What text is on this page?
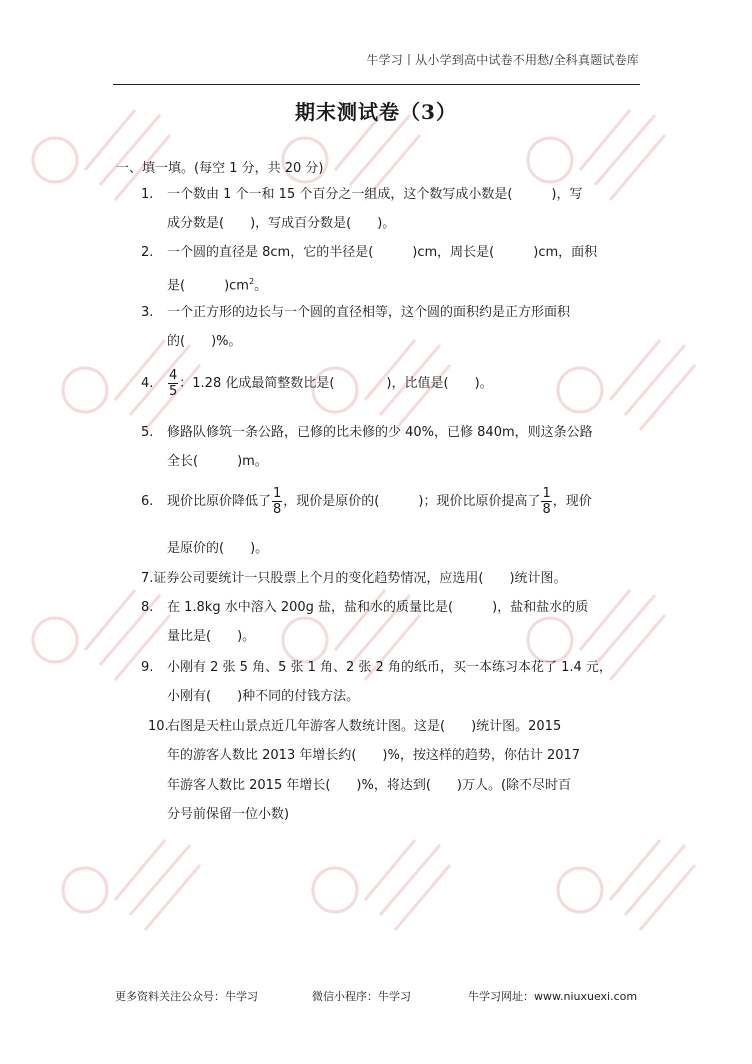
牛学习丨从小学到高中试卷不用愁/全科真题试卷库
期末测试卷（3）
一、填一填。(每空 1 分，共 20 分)
1. 一个数由 1 个一和 15 个百分之一组成，这个数写成小数是(　　　)，写
成分数是(　　)，写成百分数是(　　)。
2. 一个圆的直径是 8cm，它的半径是(　　　)cm，周长是(　　　)cm，面积
是(　　　)$cm^2$。
3. 一个正方形的边长与一个圆的直径相等，这个圆的面积约是正方形面积
的(　　)%。
4. $\frac{4}{5}$ ：1.28 化成最简整数比是(　　　　)，比值是(　　)。
5. 修路队修筑一条公路，已修的比未修的少 40%，已修 840m，则这条公路
全长(　　　)m。
6. 现价比原价降低了 $\frac{1}{8}$ ，现价是原价的(　　　)；现价比原价提高了 $\frac{1}{8}$ ，现价
是原价的(　　)。
7.证券公司要统计一只股票上个月的变化趋势情况，应选用(　　)统计图。
8. 在 1.8kg 水中溶入 200g 盐，盐和水的质量比是(　　　)，盐和盐水的质
量比是(　　)。
9. 小刚有 2 张 5 角、5 张 1 角、2 张 2 角的纸币，买一本练习本花了 1.4 元，
小刚有(　　)种不同的付钱方法。
10.右图是天柱山景点近几年游客人数统计图。这是(　　)统计图。2015
年的游客人数比 2013 年增长约(　　)%，按这样的趋势，你估计 2017
年游客人数比 2015 年增长(　　)%，将达到(　　)万人。(除不尽时百
分号前保留一位小数)
更多资料关注公众号：牛学习	微信小程序：牛学习	牛学习网址：www.niuxuexi.com
